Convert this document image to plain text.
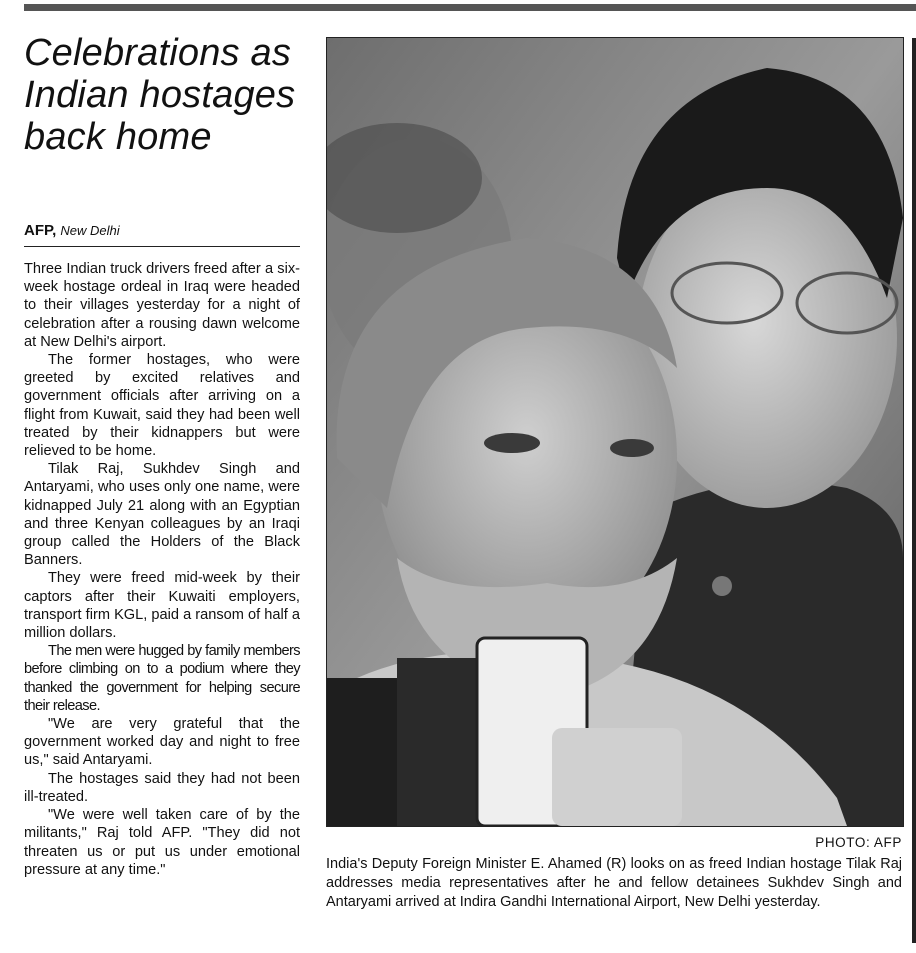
Celebrations as Indian hostages back home
AFP, New Delhi

Three Indian truck drivers freed after a six-week hostage ordeal in Iraq were headed to their villages yesterday for a night of celebration after a rousing dawn welcome at New Delhi's airport.

The former hostages, who were greeted by excited relatives and government officials after arriving on a flight from Kuwait, said they had been well treated by their kidnappers but were relieved to be home.

Tilak Raj, Sukhdev Singh and Antaryami, who uses only one name, were kidnapped July 21 along with an Egyptian and three Kenyan colleagues by an Iraqi group called the Holders of the Black Banners.

They were freed mid-week by their captors after their Kuwaiti employers, transport firm KGL, paid a ransom of half a million dollars.

The men were hugged by family members before climbing on to a podium where they thanked the government for helping secure their release.

"We are very grateful that the government worked day and night to free us," said Antaryami.

The hostages said they had not been ill-treated.

"We were well taken care of by the militants," Raj told AFP. "They did not threaten us or put us under emotional pressure at any time."

PHOTO: AFP
India's Deputy Foreign Minister E. Ahamed (R) looks on as freed Indian hostage Tilak Raj addresses media representatives after he and fellow detainees Sukhdev Singh and Antaryami arrived at Indira Gandhi International Airport, New Delhi yesterday.
